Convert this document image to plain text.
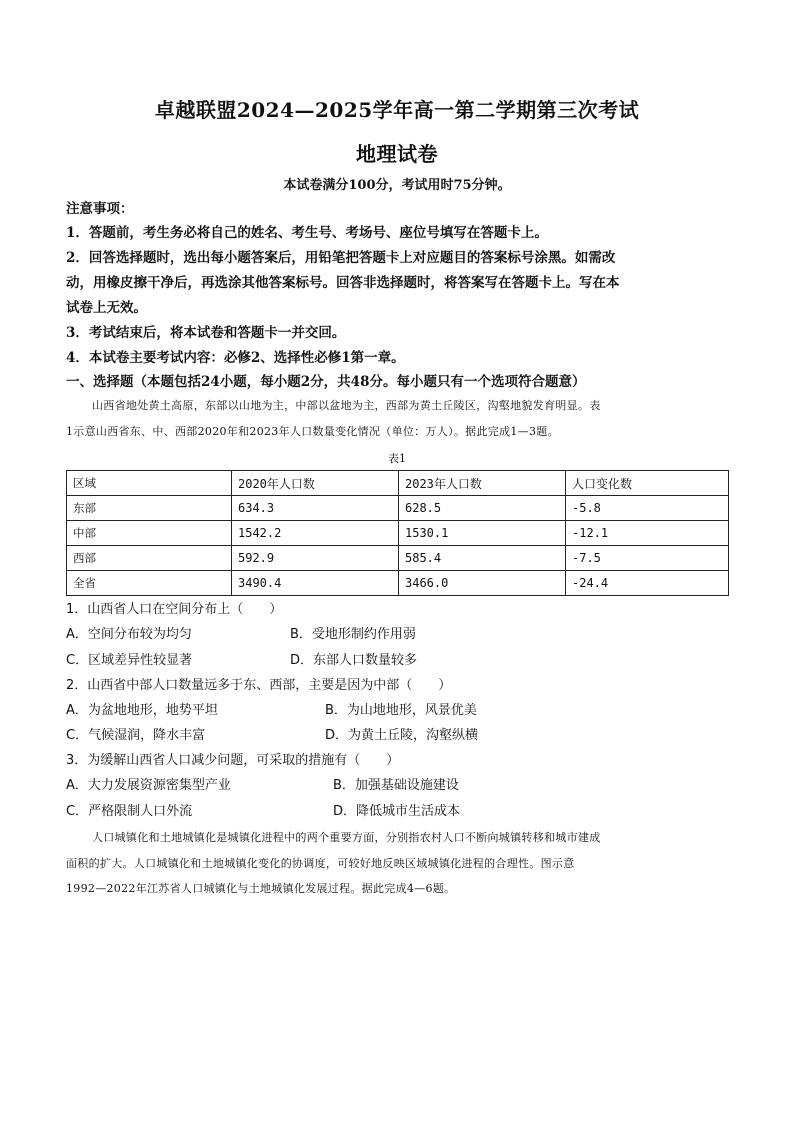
卓越联盟2024—2025学年高一第二学期第三次考试
地理试卷
本试卷满分100分，考试用时75分钟。
注意事项：
1．答题前，考生务必将自己的姓名、考生号、考场号、座位号填写在答题卡上。
2．回答选择题时，选出每小题答案后，用铅笔把答题卡上对应题目的答案标号涂黑。如需改
动，用橡皮擦干净后，再选涂其他答案标号。回答非选择题时，将答案写在答题卡上。写在本
试卷上无效。
3．考试结束后，将本试卷和答题卡一并交回。
4．本试卷主要考试内容：必修2、选择性必修1第一章。
一、选择题（本题包括24小题，每小题2分，共48分。每小题只有一个选项符合题意）
山西省地处黄土高原，东部以山地为主，中部以盆地为主，西部为黄土丘陵区，沟壑地貌发育明显。表
1示意山西省东、中、西部2020年和2023年人口数量变化情况（单位：万人）。据此完成1—3题。
表1
区域	2020年人口数	2023年人口数	人口变化数
东部	634.3	628.5	-5.8
中部	1542.2	1530.1	-12.1
西部	592.9	585.4	-7.5
全省	3490.4	3466.0	-24.4
1．山西省人口在空间分布上（　　）
A．空间分布较为均匀	B．受地形制约作用弱
C．区域差异性较显著	D．东部人口数量较多
2．山西省中部人口数量远多于东、西部，主要是因为中部（　　）
A．为盆地地形，地势平坦	B．为山地地形，风景优美
C．气候湿润，降水丰富	D．为黄土丘陵，沟壑纵横
3．为缓解山西省人口减少问题，可采取的措施有（　　）
A．大力发展资源密集型产业	B．加强基础设施建设
C．严格限制人口外流	D．降低城市生活成本
人口城镇化和土地城镇化是城镇化进程中的两个重要方面，分别指农村人口不断向城镇转移和城市建成
面积的扩大。人口城镇化和土地城镇化变化的协调度，可较好地反映区域城镇化进程的合理性。图示意
1992—2022年江苏省人口城镇化与土地城镇化发展过程。据此完成4—6题。
